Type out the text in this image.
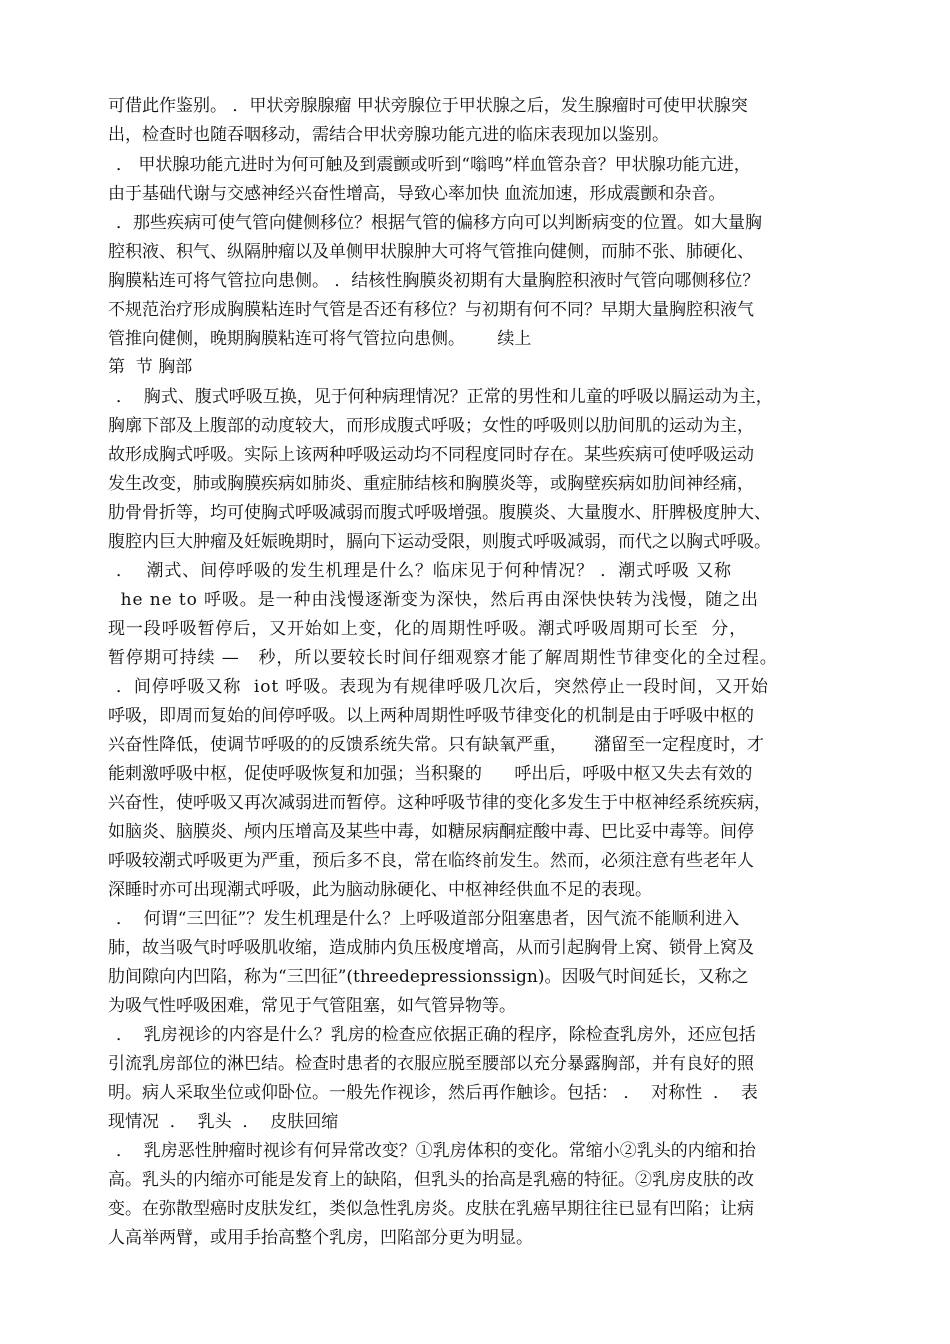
可借此作鉴别。 ．甲状旁腺腺瘤 甲状旁腺位于甲状腺之后，发生腺瘤时可使甲状腺突
出，检查时也随吞咽移动，需结合甲状旁腺功能亢进的临床表现加以鉴别。
． 甲状腺功能亢进时为何可触及到震颤或听到“嗡鸣”样血管杂音？甲状腺功能亢进，
由于基础代谢与交感神经兴奋性增高，导致心率加快 血流加速，形成震颤和杂音。
．那些疾病可使气管向健侧移位？根据气管的偏移方向可以判断病变的位置。如大量胸
腔积液、积气、纵隔肿瘤以及单侧甲状腺肿大可将气管推向健侧，而肺不张、肺硬化、
胸膜粘连可将气管拉向患侧。 ．结核性胸膜炎初期有大量胸腔积液时气管向哪侧移位？
不规范治疗形成胸膜粘连时气管是否还有移位？与初期有何不同？早期大量胸腔积液气
管推向健侧，晚期胸膜粘连可将气管拉向患侧。      续上
第  节 胸部
．  胸式、腹式呼吸互换，见于何种病理情况？正常的男性和儿童的呼吸以膈运动为主，
胸廓下部及上腹部的动度较大，而形成腹式呼吸；女性的呼吸则以肋间肌的运动为主，
故形成胸式呼吸。实际上该两种呼吸运动均不同程度同时存在。某些疾病可使呼吸运动
发生改变，肺或胸膜疾病如肺炎、重症肺结核和胸膜炎等，或胸壁疾病如肋间神经痛，
肋骨骨折等，均可使胸式呼吸减弱而腹式呼吸增强。腹膜炎、大量腹水、肝脾极度肿大、
腹腔内巨大肿瘤及妊娠晚期时，膈向下运动受限，则腹式呼吸减弱，而代之以胸式呼吸。
．  潮式、间停呼吸的发生机理是什么？临床见于何种情况？ ．潮式呼吸 又称
he ne to 呼吸。是一种由浅慢逐渐变为深快，然后再由深快快转为浅慢，随之出
现一段呼吸暂停后，又开始如上变，化的周期性呼吸。潮式呼吸周期可长至  分，
暂停期可持续 —   秒，所以要较长时间仔细观察才能了解周期性节律变化的全过程。
．间停呼吸又称  iot 呼吸。表现为有规律呼吸几次后，突然停止一段时间，又开始
呼吸，即周而复始的间停呼吸。以上两种周期性呼吸节律变化的机制是由于呼吸中枢的
兴奋性降低，使调节呼吸的的反馈系统失常。只有缺氧严重，     潴留至一定程度时，才
能刺激呼吸中枢，促使呼吸恢复和加强；当积聚的      呼出后，呼吸中枢又失去有效的
兴奋性，使呼吸又再次减弱进而暂停。这种呼吸节律的变化多发生于中枢神经系统疾病，
如脑炎、脑膜炎、颅内压增高及某些中毒，如糖尿病酮症酸中毒、巴比妥中毒等。间停
呼吸较潮式呼吸更为严重，预后多不良，常在临终前发生。然而，必须注意有些老年人
深睡时亦可出现潮式呼吸，此为脑动脉硬化、中枢神经供血不足的表现。
．  何谓“三凹征”？发生机理是什么？上呼吸道部分阻塞患者，因气流不能顺利进入
肺，故当吸气时呼吸肌收缩，造成肺内负压极度增高，从而引起胸骨上窝、锁骨上窝及
肋间隙向内凹陷，称为“三凹征”(threedepressionssign)。因吸气时间延长，又称之
为吸气性呼吸困难，常见于气管阻塞，如气管异物等。
．  乳房视诊的内容是什么？乳房的检查应依据正确的程序，除检查乳房外，还应包括
引流乳房部位的淋巴结。检查时患者的衣服应脱至腰部以充分暴露胸部，并有良好的照
明。病人采取坐位或仰卧位。一般先作视诊，然后再作触诊。包括： ．  对称性  ．  表
现情况  ．  乳头  ．  皮肤回缩
．  乳房恶性肿瘤时视诊有何异常改变？①乳房体积的变化。常缩小②乳头的内缩和抬
高。乳头的内缩亦可能是发育上的缺陷，但乳头的抬高是乳癌的特征。②乳房皮肤的改
变。在弥散型癌时皮肤发红，类似急性乳房炎。皮肤在乳癌早期往往已显有凹陷；让病
人高举两臂，或用手抬高整个乳房，凹陷部分更为明显。
